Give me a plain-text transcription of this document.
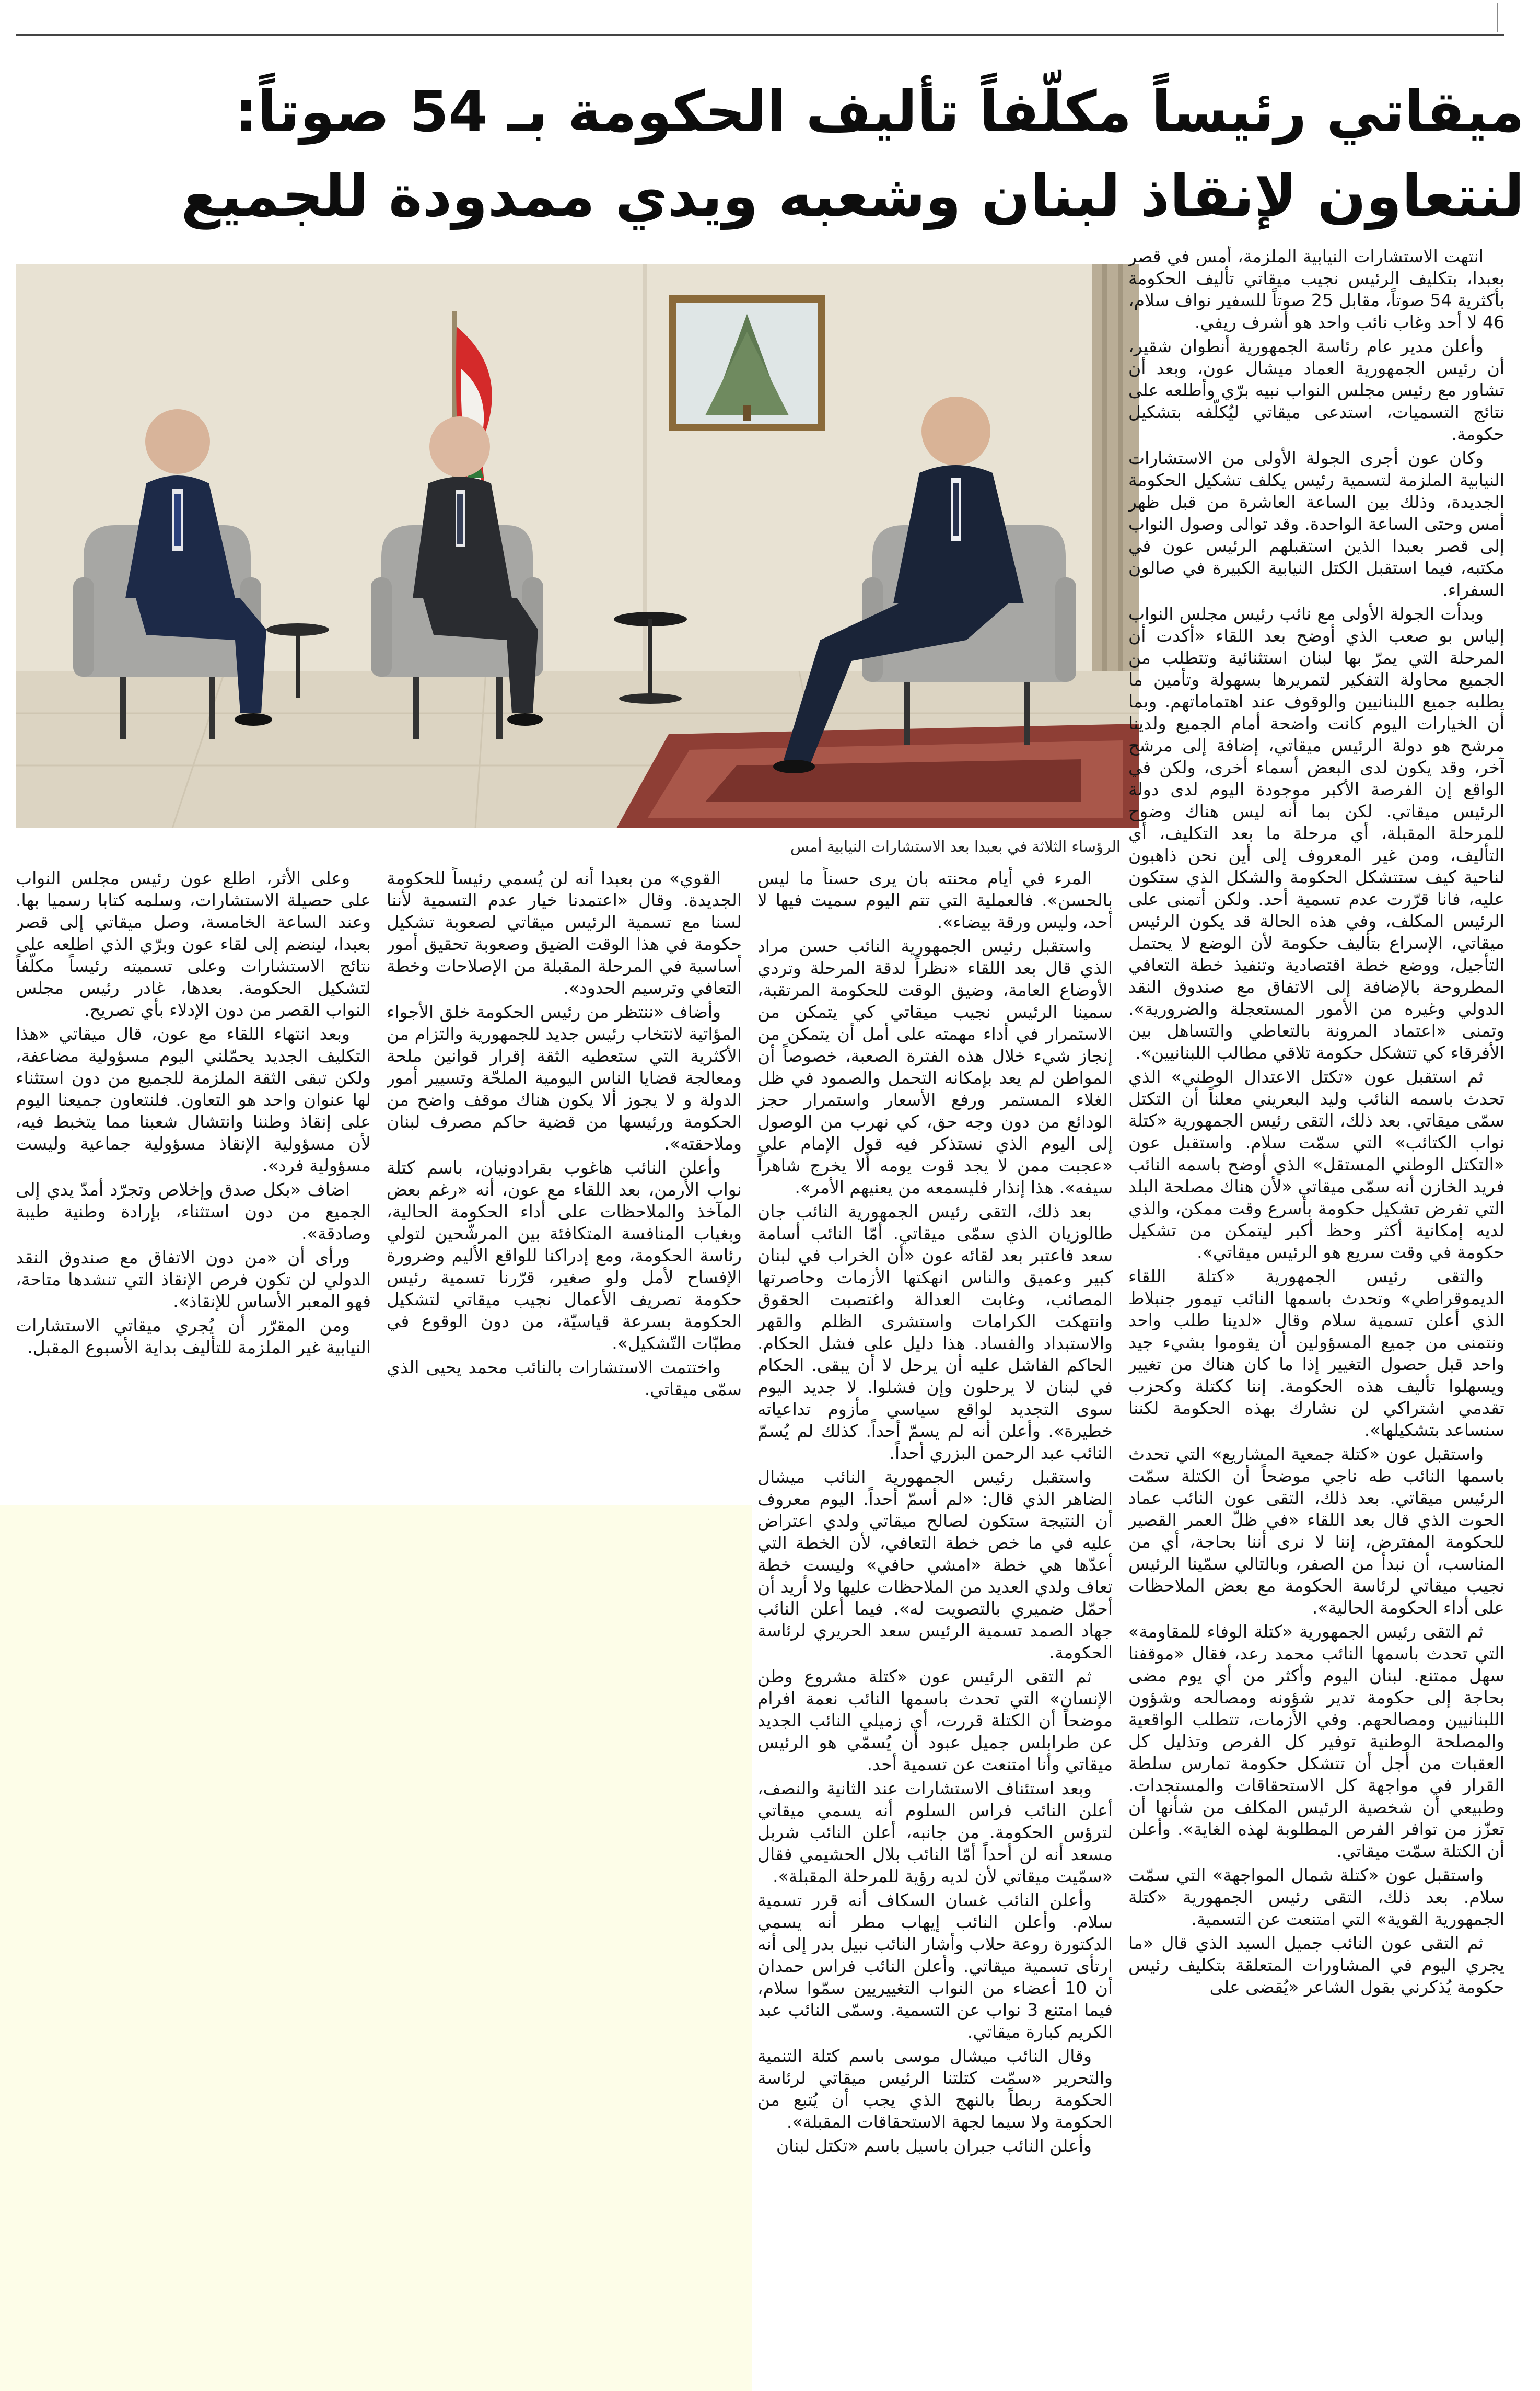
ميقاتي رئيساً مكلّفاً تأليف الحكومة بـ 54 صوتاً:
لنتعاون لإنقاذ لبنان وشعبه ويدي ممدودة للجميع
الرؤساء الثلاثة في بعبدا بعد الاستشارات النيابية أمس

انتهت الاستشارات النيابية الملزمة، أمس في قصر بعبدا، بتكليف الرئيس نجيب ميقاتي تأليف الحكومة بأكثرية 54 صوتاً، مقابل 25 صوتاً للسفير نواف سلام، 46 لا أحد وغاب نائب واحد هو أشرف ريفي.

وأعلن مدير عام رئاسة الجمهورية أنطوان شقير، أن رئيس الجمهورية العماد ميشال عون، وبعد أن تشاور مع رئيس مجلس النواب نبيه برّي وأطلعه على نتائج التسميات، استدعى ميقاتي ليُكلّفه بتشكيل حكومة.

وكان عون أجرى الجولة الأولى من الاستشارات النيابية الملزمة لتسمية رئيس يكلف تشكيل الحكومة الجديدة، وذلك بين الساعة العاشرة من قبل ظهر أمس وحتى الساعة الواحدة. وقد توالى وصول النواب إلى قصر بعبدا الذين استقبلهم الرئيس عون في مكتبه، فيما استقبل الكتل النيابية الكبيرة في صالون السفراء.

وبدأت الجولة الأولى مع نائب رئيس مجلس النواب إلياس بو صعب الذي أوضح بعد اللقاء «أكدت أن المرحلة التي يمرّ بها لبنان استثنائية وتتطلب من الجميع محاولة التفكير لتمريرها بسهولة وتأمين ما يطلبه جميع اللبنانيين والوقوف عند اهتماماتهم. وبما أن الخيارات اليوم كانت واضحة أمام الجميع ولدينا مرشح هو دولة الرئيس ميقاتي، إضافة إلى مرشح آخر، وقد يكون لدى البعض أسماء أخرى، ولكن في الواقع إن الفرصة الأكبر موجودة اليوم لدى دولة الرئيس ميقاتي. لكن بما أنه ليس هناك وضوح للمرحلة المقبلة، أي مرحلة ما بعد التكليف، أي التأليف، ومن غير المعروف إلى أين نحن ذاهبون لناحية كيف ستتشكل الحكومة والشكل الذي ستكون عليه، فانا قرّرت عدم تسمية أحد. ولكن أتمنى على الرئيس المكلف، وفي هذه الحالة قد يكون الرئيس ميقاتي، الإسراع بتأليف حكومة لأن الوضع لا يحتمل التأجيل، ووضع خطة اقتصادية وتنفيذ خطة التعافي المطروحة بالإضافة إلى الاتفاق مع صندوق النقد الدولي وغيره من الأمور المستعجلة والضرورية». وتمنى «اعتماد المرونة بالتعاطي والتساهل بين الأفرقاء كي تتشكل حكومة تلاقي مطالب اللبنانيين».

ثم استقبل عون «تكتل الاعتدال الوطني» الذي تحدث باسمه النائب وليد البعريني معلناً أن التكتل سمّى ميقاتي. بعد ذلك، التقى رئيس الجمهورية «كتلة نواب الكتائب» التي سمّت سلام. واستقبل عون «التكتل الوطني المستقل» الذي أوضح باسمه النائب فريد الخازن أنه سمّى ميقاتي «لأن هناك مصلحة البلد التي تفرض تشكيل حكومة بأسرع وقت ممكن، والذي لديه إمكانية أكثر وحظ أكبر ليتمكن من تشكيل حكومة في وقت سريع هو الرئيس ميقاتي».

والتقى رئيس الجمهورية «كتلة اللقاء الديموقراطي» وتحدث باسمها النائب تيمور جنبلاط الذي أعلن تسمية سلام وقال «لدينا طلب واحد ونتمنى من جميع المسؤولين أن يقوموا بشيء جيد واحد قبل حصول التغيير إذا ما كان هناك من تغيير ويسهلوا تأليف هذه الحكومة. إننا ككتلة وكحزب تقدمي اشتراكي لن نشارك بهذه الحكومة لكننا سنساعد بتشكيلها».

واستقبل عون «كتلة جمعية المشاريع» التي تحدث باسمها النائب طه ناجي موضحاً أن الكتلة سمّت الرئيس ميقاتي. بعد ذلك، التقى عون النائب عماد الحوت الذي قال بعد اللقاء «في ظلّ العمر القصير للحكومة المفترض، إننا لا نرى أننا بحاجة، أي من المناسب، أن نبدأ من الصفر، وبالتالي سمّينا الرئيس نجيب ميقاتي لرئاسة الحكومة مع بعض الملاحظات على أداء الحكومة الحالية».

ثم التقى رئيس الجمهورية «كتلة الوفاء للمقاومة» التي تحدث باسمها النائب محمد رعد، فقال «موقفنا سهل ممتنع. لبنان اليوم وأكثر من أي يوم مضى بحاجة إلى حكومة تدير شؤونه ومصالحه وشؤون اللبنانيين ومصالحهم. وفي الأزمات، تتطلب الواقعية والمصلحة الوطنية توفير كل الفرص وتذليل كل العقبات من أجل أن تتشكل حكومة تمارس سلطة القرار في مواجهة كل الاستحقاقات والمستجدات. وطبيعي أن شخصية الرئيس المكلف من شأنها أن تعزّز من توافر الفرص المطلوبة لهذه الغاية». وأعلن أن الكتلة سمّت ميقاتي.

واستقبل عون «كتلة شمال المواجهة» التي سمّت سلام. بعد ذلك، التقى رئيس الجمهورية «كتلة الجمهورية القوية» التي امتنعت عن التسمية.

ثم التقى عون النائب جميل السيد الذي قال «ما يجري اليوم في المشاورات المتعلقة بتكليف رئيس حكومة يُذكرني بقول الشاعر «يُقضى على

المرء في أيام محنته بان يرى حسناً ما ليس بالحسن». فالعملية التي تتم اليوم سميت فيها لا أحد، وليس ورقة بيضاء».

واستقبل رئيس الجمهورية النائب حسن مراد الذي قال بعد اللقاء «نظراً لدقة المرحلة وتردي الأوضاع العامة، وضيق الوقت للحكومة المرتقبة، سمينا الرئيس نجيب ميقاتي كي يتمكن من الاستمرار في أداء مهمته على أمل أن يتمكن من إنجاز شيء خلال هذه الفترة الصعبة، خصوصاً أن المواطن لم يعد بإمكانه التحمل والصمود في ظل الغلاء المستمر ورفع الأسعار واستمرار حجز الودائع من دون وجه حق، كي نهرب من الوصول إلى اليوم الذي نستذكر فيه قول الإمام علي «عجبت ممن لا يجد قوت يومه ألا يخرج شاهراً سيفه». هذا إنذار فليسمعه من يعنيهم الأمر».

بعد ذلك، التقى رئيس الجمهورية النائب جان طالوزيان الذي سمّى ميقاتي. أمّا النائب أسامة سعد فاعتبر بعد لقائه عون «أن الخراب في لبنان كبير وعميق والناس انهكتها الأزمات وحاصرتها المصائب، وغابت العدالة واغتصبت الحقوق وانتهكت الكرامات واستشرى الظلم والقهر والاستبداد والفساد. هذا دليل على فشل الحكام. الحاكم الفاشل عليه أن يرحل لا أن يبقى. الحكام في لبنان لا يرحلون وإن فشلوا. لا جديد اليوم سوى التجديد لواقع سياسي مأزوم تداعياته خطيرة». وأعلن أنه لم يسمّ أحداً. كذلك لم يُسمّ النائب عبد الرحمن البزري أحداً.

واستقبل رئيس الجمهورية النائب ميشال الضاهر الذي قال: «لم أسمّ أحداً. اليوم معروف أن النتيجة ستكون لصالح ميقاتي ولدي اعتراض عليه في ما خص خطة التعافي، لأن الخطة التي أعدّها هي خطة «امشي حافي» وليست خطة تعاف ولدي العديد من الملاحظات عليها ولا أريد أن أحمّل ضميري بالتصويت له». فيما أعلن النائب جهاد الصمد تسمية الرئيس سعد الحريري لرئاسة الحكومة.

ثم التقى الرئيس عون «كتلة مشروع وطن الإنسان» التي تحدث باسمها النائب نعمة افرام موضحاً أن الكتلة قررت، أي زميلي النائب الجديد عن طرابلس جميل عبود أن يُسمّي هو الرئيس ميقاتي وأنا امتنعت عن تسمية أحد.

وبعد استئناف الاستشارات عند الثانية والنصف، أعلن النائب فراس السلوم أنه يسمي ميقاتي لترؤس الحكومة. من جانبه، أعلن النائب شربل مسعد أنه لن أحداً أمّا النائب بلال الحشيمي فقال «سمّيت ميقاتي لأن لديه رؤية للمرحلة المقبلة».

وأعلن النائب غسان السكاف أنه قرر تسمية سلام. وأعلن النائب إيهاب مطر أنه يسمي الدكتورة روعة حلاب وأشار النائب نبيل بدر إلى أنه ارتأى تسمية ميقاتي. وأعلن النائب فراس حمدان أن 10 أعضاء من النواب التغييريين سمّوا سلام، فيما امتنع 3 نواب عن التسمية. وسمّى النائب عبد الكريم كبارة ميقاتي.

وقال النائب ميشال موسى باسم كتلة التنمية والتحرير «سمّت كتلتنا الرئيس ميقاتي لرئاسة الحكومة ربطاً بالنهج الذي يجب أن يُتبع من الحكومة ولا سيما لجهة الاستحقاقات المقبلة».

وأعلن النائب جبران باسيل باسم «تكتل لبنان

القوي» من بعبدا أنه لن يُسمي رئيساً للحكومة الجديدة. وقال «اعتمدنا خيار عدم التسمية لأننا لسنا مع تسمية الرئيس ميقاتي لصعوبة تشكيل حكومة في هذا الوقت الضيق وصعوبة تحقيق أمور أساسية في المرحلة المقبلة من الإصلاحات وخطة التعافي وترسيم الحدود».

وأضاف «ننتظر من رئيس الحكومة خلق الأجواء المؤاتية لانتخاب رئيس جديد للجمهورية والتزام من الأكثرية التي ستعطيه الثقة إقرار قوانين ملحة ومعالجة قضايا الناس اليومية الملحّة وتسيير أمور الدولة و لا يجوز ألا يكون هناك موقف واضح من الحكومة ورئيسها من قضية حاكم مصرف لبنان وملاحقته».

وأعلن النائب هاغوب بقرادونيان، باسم كتلة نواب الأرمن، بعد اللقاء مع عون، أنه «رغم بعض المآخذ والملاحظات على أداء الحكومة الحالية، وبغياب المنافسة المتكافئة بين المرشّحين لتولي رئاسة الحكومة، ومع إدراكنا للواقع الأليم وضرورة الإفساح لأمل ولو صغير، قرّرنا تسمية رئيس حكومة تصريف الأعمال نجيب ميقاتي لتشكيل الحكومة بسرعة قياسيّة، من دون الوقوع في مطبّات التّشكيل».

واختتمت الاستشارات بالنائب محمد يحيى الذي سمّى ميقاتي.

وعلى الأثر، اطلع عون رئيس مجلس النواب على حصيلة الاستشارات، وسلمه كتابا رسميا بها. وعند الساعة الخامسة، وصل ميقاتي إلى قصر بعبدا، لينضم إلى لقاء عون وبرّي الذي اطلعه على نتائج الاستشارات وعلى تسميته رئيساً مكلّفاً لتشكيل الحكومة. بعدها، غادر رئيس مجلس النواب القصر من دون الإدلاء بأي تصريح.

وبعد انتهاء اللقاء مع عون، قال ميقاتي «هذا التكليف الجديد يحمّلني اليوم مسؤولية مضاعفة، ولكن تبقى الثقة الملزمة للجميع من دون استثناء لها عنوان واحد هو التعاون. فلنتعاون جميعنا اليوم على إنقاذ وطننا وانتشال شعبنا مما يتخبط فيه، لأن مسؤولية الإنقاذ مسؤولية جماعية وليست مسؤولية فرد».

اضاف «بكل صدق وإخلاص وتجرّد أمدّ يدي إلى الجميع من دون استثناء، بإرادة وطنية طيبة وصادقة».

ورأى أن «من دون الاتفاق مع صندوق النقد الدولي لن تكون فرص الإنقاذ التي تنشدها متاحة، فهو المعبر الأساس للإنقاذ».

ومن المقرّر أن يُجري ميقاتي الاستشارات النيابية غير الملزمة للتأليف بداية الأسبوع المقبل.
